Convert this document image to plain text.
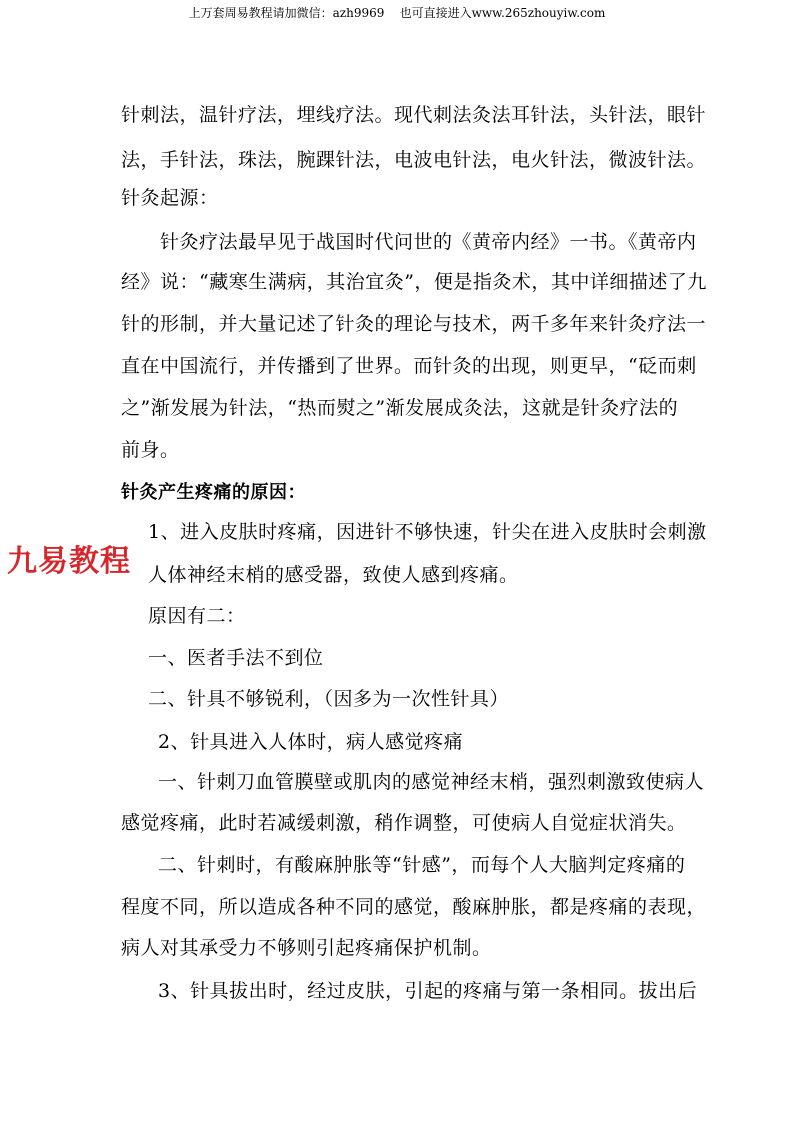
上万套周易教程请加微信：azh9969 也可直接进入www.265zhouyiw.com
九易教程
针刺法，温针疗法，埋线疗法。现代刺法灸法耳针法，头针法，眼针
法，手针法，珠法，腕踝针法，电波电针法，电火针法，微波针法。
针灸起源：
针灸疗法最早见于战国时代问世的《黄帝内经》一书。《黄帝内
经》说：“藏寒生满病，其治宜灸”，便是指灸术，其中详细描述了九
针的形制，并大量记述了针灸的理论与技术，两千多年来针灸疗法一
直在中国流行，并传播到了世界。而针灸的出现，则更早，“砭而刺
之”渐发展为针法，“热而熨之”渐发展成灸法，这就是针灸疗法的
前身。
针灸产生疼痛的原因：
1、进入皮肤时疼痛，因进针不够快速，针尖在进入皮肤时会刺激
人体神经末梢的感受器，致使人感到疼痛。
原因有二：
一、医者手法不到位
二、针具不够锐利，（因多为一次性针具）
2、针具进入人体时，病人感觉疼痛
一、针刺刀血管膜壁或肌肉的感觉神经末梢，强烈刺激致使病人
感觉疼痛，此时若减缓刺激，稍作调整，可使病人自觉症状消失。
二、针刺时，有酸麻肿胀等“针感”，而每个人大脑判定疼痛的
程度不同，所以造成各种不同的感觉，酸麻肿胀，都是疼痛的表现，
病人对其承受力不够则引起疼痛保护机制。
3、针具拔出时，经过皮肤，引起的疼痛与第一条相同。拔出后
